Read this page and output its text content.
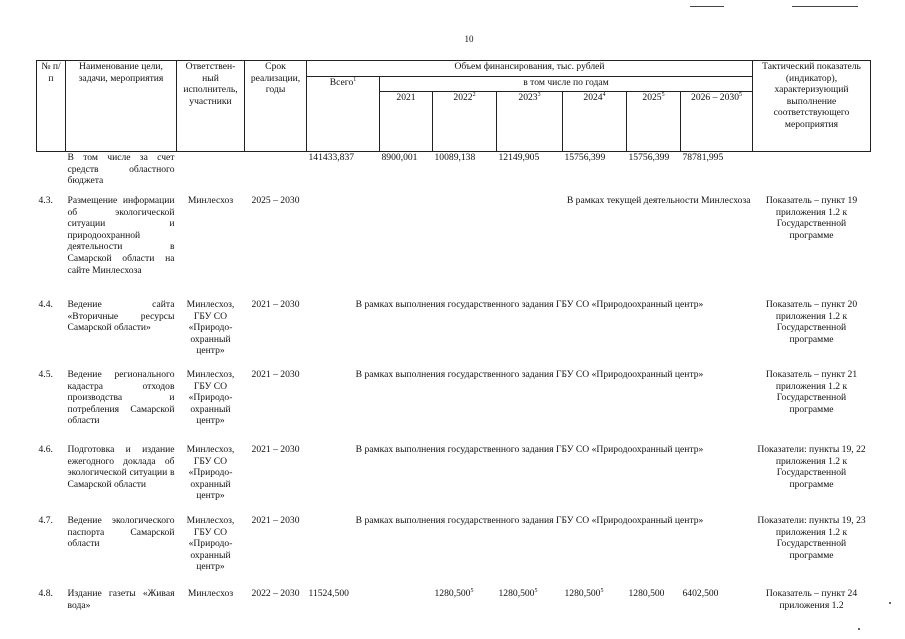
10
№ п/п	Наименование цели, задачи, мероприятия	Ответствен-ный исполнитель, участники	Срок реализации, годы	Объем финансирования, тыс. рублей							Тактический показатель (индикатор), характеризующий выполнение соответствующего мероприятия
				Всего$^1$	в том числе по годам						
					2021	2022$^2$	2023$^3$	2024$^4$	2025$^5$	2026 – 2030$^5$
	В том числе за счет средств областного бюджета			141433,837	8900,001	10089,138	12149,905	15756,399	15756,399	78781,995	
4.3.	Размещение информации об экологической ситуации и природоохранной деятельности в Самарской области на сайте Минлесхоза	Минлесхоз	2025 – 2030					В рамках текущей деятельности Минлесхоза			Показатель – пункт 19 приложения 1.2 к Государственной программе
4.4.	Ведение сайта «Вторичные ресурсы Самарской области»	Минлесхоз, ГБУ СО «Природо-охранный центр»	2021 – 2030	В рамках выполнения государственного задания ГБУ СО «Природоохранный центр»							Показатель – пункт 20 приложения 1.2 к Государственной программе
4.5.	Ведение регионального кадастра отходов производства и потребления Самарской области	Минлесхоз, ГБУ СО «Природо-охранный центр»	2021 – 2030	В рамках выполнения государственного задания ГБУ СО «Природоохранный центр»							Показатель – пункт 21 приложения 1.2 к Государственной программе
4.6.	Подготовка и издание ежегодного доклада об экологической ситуации в Самарской области	Минлесхоз, ГБУ СО «Природо-охранный центр»	2021 – 2030	В рамках выполнения государственного задания ГБУ СО «Природоохранный центр»							Показатели: пункты 19, 22 приложения 1.2 к Государственной программе
4.7.	Ведение экологического паспорта Самарской области	Минлесхоз, ГБУ СО «Природо-охранный центр»	2021 – 2030	В рамках выполнения государственного задания ГБУ СО «Природоохранный центр»							Показатели: пункты 19, 23 приложения 1.2 к Государственной программе
4.8.	Издание газеты «Живая вода»	Минлесхоз	2022 – 2030	11524,500		1280,500$^5$	1280,500$^5$	1280,500$^5$	1280,500	6402,500	Показатель – пункт 24 приложения 1.2
